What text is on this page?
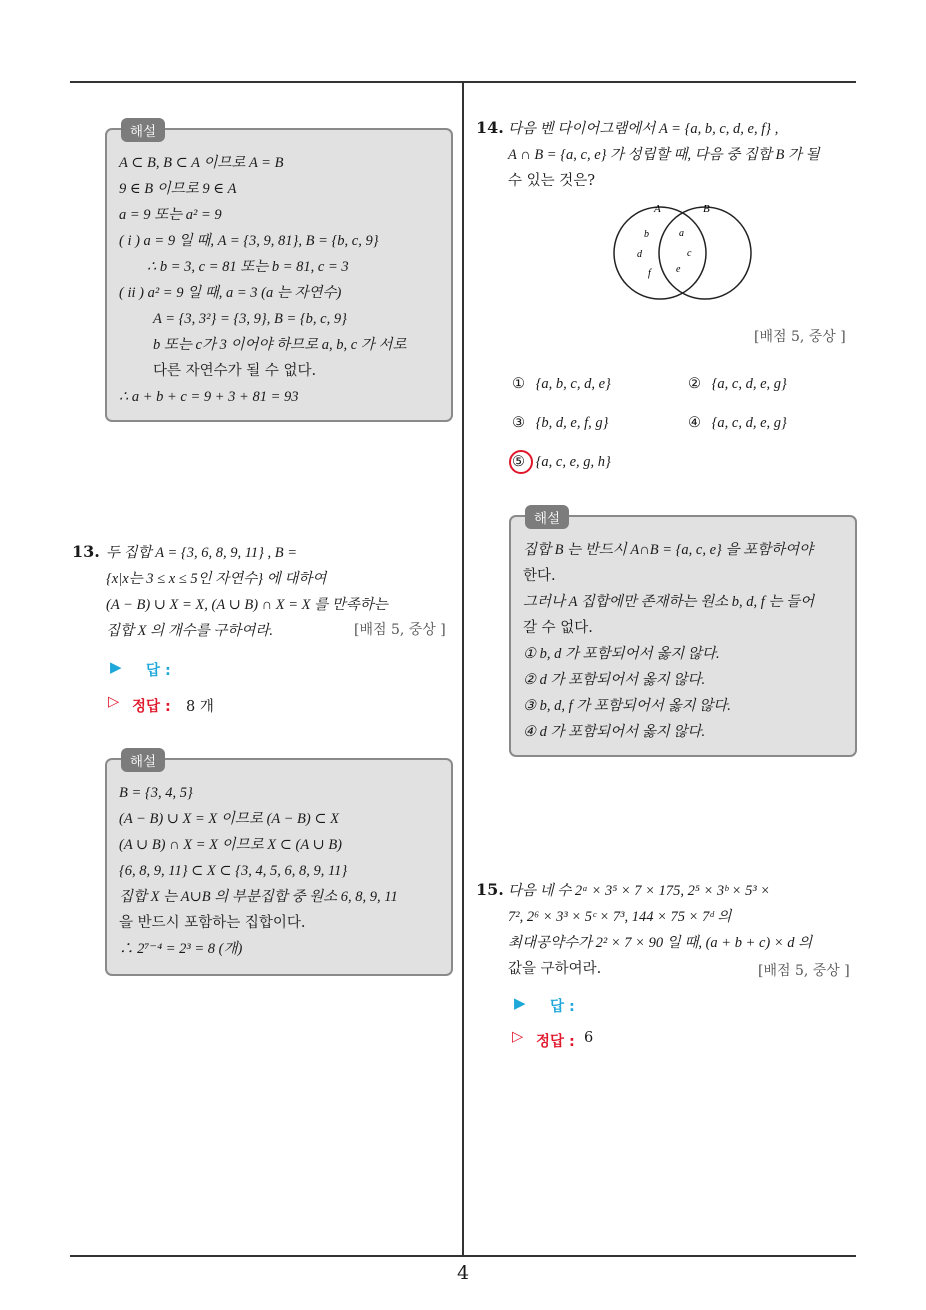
해설
A ⊂ B, B ⊂ A 이므로 A = B
9 ∈ B 이므로 9 ∈ A
a = 9 또는 a² = 9
( i ) a = 9 일 때, A = {3, 9, 81}, B = {b, c, 9}
∴ b = 3, c = 81 또는 b = 81, c = 3
( ii ) a² = 9 일 때, a = 3 (a 는 자연수)
A = {3, 3²} = {3, 9}, B = {b, c, 9}
b 또는 c가 3 이어야 하므로 a, b, c 가 서로
다른 자연수가 될 수 없다.
∴ a + b + c = 9 + 3 + 81 = 93
13. 두 집합 A = {3, 6, 8, 9, 11} , B =
{x|x는 3 ≤ x ≤ 5인 자연수} 에 대하여
(A − B) ∪ X = X, (A ∪ B) ∩ X = X 를 만족하는
집합 X 의 개수를 구하여라.	[배점 5, 중상 ]
▶ 답 :
▷ 정답 : 8 개
해설
B = {3, 4, 5}
(A − B) ∪ X = X 이므로 (A − B) ⊂ X
(A ∪ B) ∩ X = X 이므로 X ⊂ (A ∪ B)
{6, 8, 9, 11} ⊂ X ⊂ {3, 4, 5, 6, 8, 9, 11}
집합 X 는 A∪B 의 부분집합 중 원소 6, 8, 9, 11
을 반드시 포함하는 집합이다.
∴ 2⁷⁻⁴ = 2³ = 8 (개)
14. 다음 벤 다이어그램에서 A = {a, b, c, d, e, f} ,
A ∩ B = {a, c, e} 가 성립할 때, 다음 중 집합 B 가 될
수 있는 것은?
A	B
b	a
d	c
f	e
[배점 5, 중상 ]
① {a, b, c, d, e}	② {a, c, d, e, g}
③ {b, d, e, f, g}	④ {a, c, d, e, g}
⑤ {a, c, e, g, h}
해설
집합 B 는 반드시 A∩B = {a, c, e} 을 포함하여야
한다.
그러나 A 집합에만 존재하는 원소 b, d, f 는 들어
갈 수 없다.
① b, d 가 포함되어서 옳지 않다.
② d 가 포함되어서 옳지 않다.
③ b, d, f 가 포함되어서 옳지 않다.
④ d 가 포함되어서 옳지 않다.
15. 다음 네 수 2ᵃ × 3⁵ × 7 × 175, 2⁵ × 3ᵇ × 5³ ×
7², 2⁶ × 3³ × 5ᶜ × 7³, 144 × 75 × 7ᵈ 의
최대공약수가 2² × 7 × 90 일 때, (a + b + c) × d 의
값을 구하여라.	[배점 5, 중상 ]
▶ 답 :
▷ 정답 : 6
4
